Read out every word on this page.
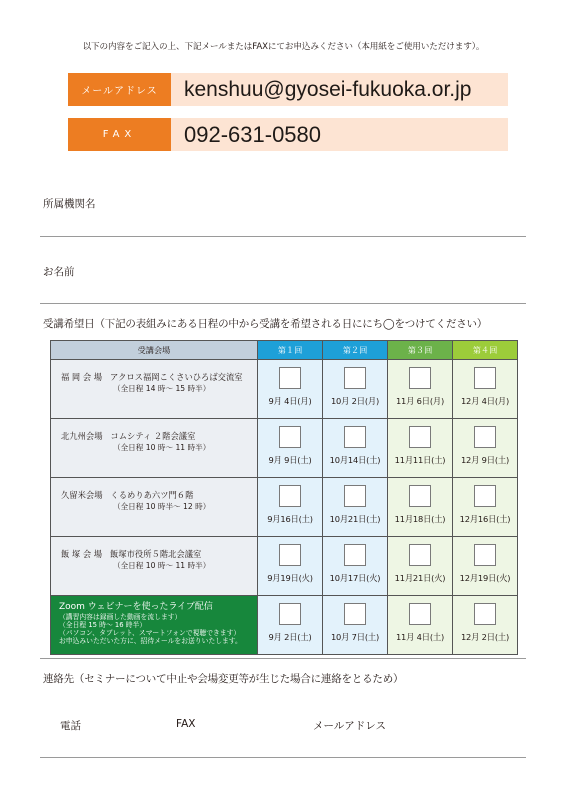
以下の内容をご記入の上、下記メールまたはFAXにてお申込みください（本用紙をご使用いただけます）。
メールアドレス	kenshuu@gyosei-fukuoka.or.jp
FAX	092-631-0580
所属機関名
お名前
受講希望日（下記の表組みにある日程の中から受講を希望される日ににち◯をつけてください）
受講会場	第１回	第２回	第３回	第４回
福 岡 会 場 アクロス福岡こくさいひろば交流室
（全日程 14 時～ 15 時半）	9月 4日(月)	10月 2日(月)	11月 6日(月)	12月 4日(月)

北九州会場 コムシティ ２階会議室
（全日程 10 時～ 11 時半）	9月 9日(土)	10月14日(土)	11月11日(土)	12月 9日(土)

久留米会場 くるめりあ六ツ門６階
（全日程 10 時半～ 12 時）	9月16日(土)	10月21日(土)	11月18日(土)	12月16日(土)

飯 塚 会 場 飯塚市役所５階北会議室
（全日程 10 時～ 11 時半）	9月19日(火)	10月17日(火)	11月21日(火)	12月19日(火)

Zoom ウェビナーを使ったライブ配信
（講習内容は録画した動画を流します）
（全日程 15 時～ 16 時半）
（パソコン、タブレット、スマートフォンで視聴できます）
お申込みいただいた方に、招待メールをお送りいたします。	9月 2日(土)	10月 7日(土)	11月 4日(土)	12月 2日(土)
連絡先（セミナーについて中止や会場変更等が生じた場合に連絡をとるため）
電話	FAX	メールアドレス
